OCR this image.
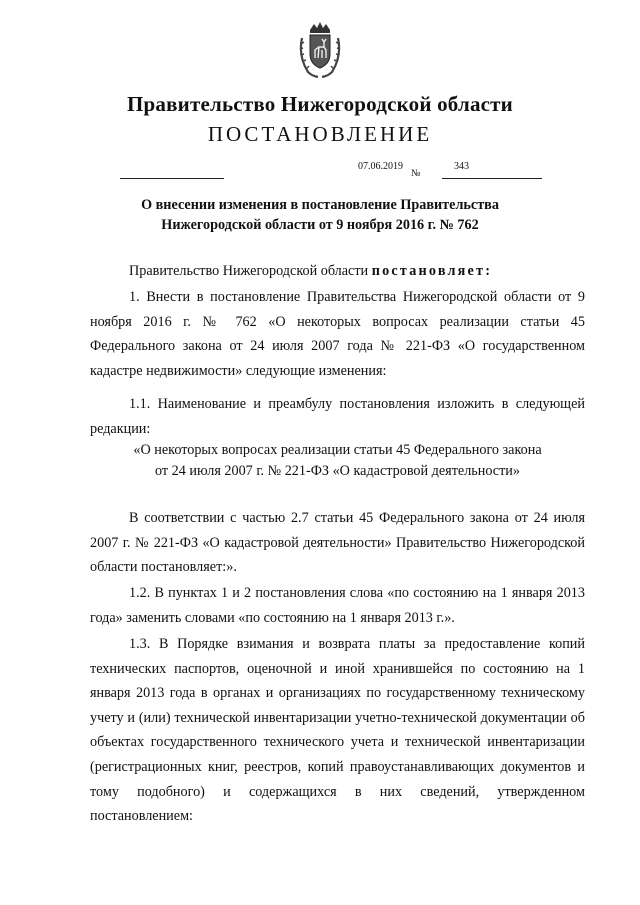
Правительство Нижегородской области
ПОСТАНОВЛЕНИЕ
07.06.2019
№
343
О внесении изменения в постановление Правительства
Нижегородской области от 9 ноября 2016 г. № 762

Правительство Нижегородской области постановляет:

1. Внести в постановление Правительства Нижегородской области от 9 ноября 2016 г. № 762 «О некоторых вопросах реализации статьи 45 Федерального закона от 24 июля 2007 года № 221-ФЗ «О государственном кадастре недвижимости» следующие изменения:

1.1. Наименование и преамбулу постановления изложить в следующей редакции:

«О некоторых вопросах реализации статьи 45 Федерального закона
от 24 июля 2007 г. № 221-ФЗ «О кадастровой деятельности»

В соответствии с частью 2.7 статьи 45 Федерального закона от 24 июля 2007 г. № 221-ФЗ «О кадастровой деятельности» Правительство Нижегородской области постановляет:».

1.2. В пунктах 1 и 2 постановления слова «по состоянию на 1 января 2013 года» заменить словами «по состоянию на 1 января 2013 г.».

1.3. В Порядке взимания и возврата платы за предоставление копий технических паспортов, оценочной и иной хранившейся по состоянию на 1 января 2013 года в органах и организациях по государственному техническому учету и (или) технической инвентаризации учетно-технической документации об объектах государственного технического учета и технической инвентаризации (регистрационных книг, реестров, копий правоустанавливающих документов и тому подобного) и содержащихся в них сведений, утвержденном постановлением:
